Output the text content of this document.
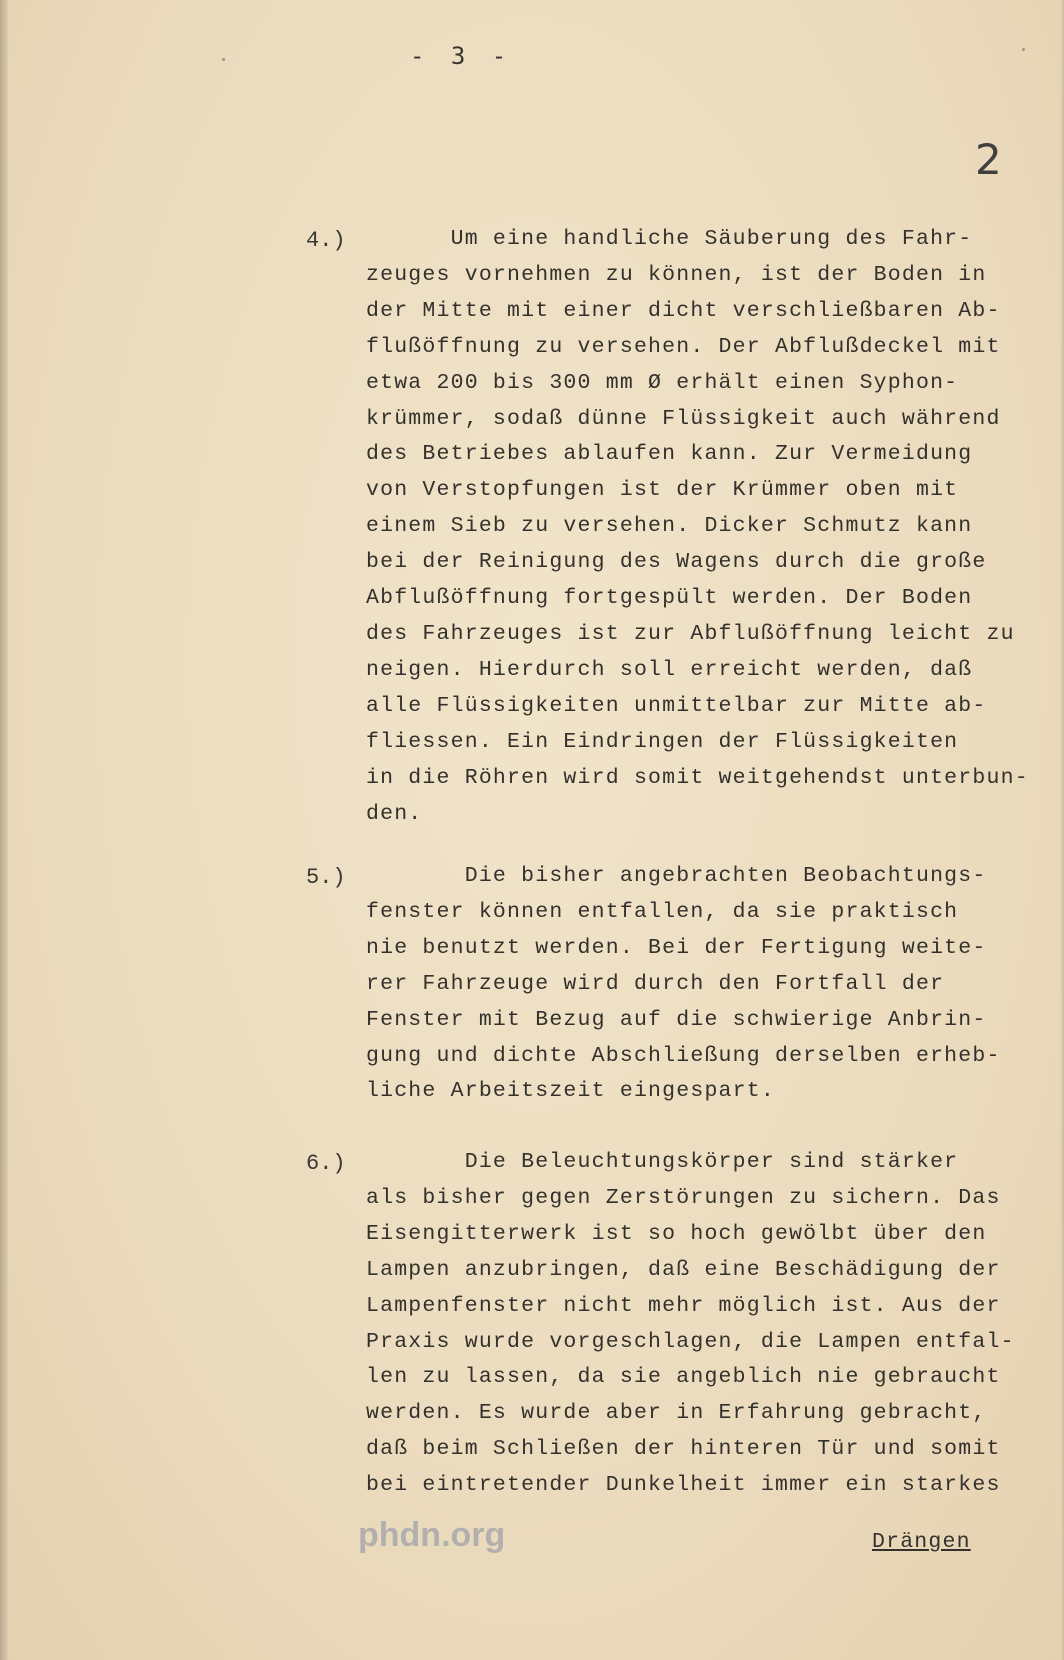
- 3 -
2
4.) Um eine handliche Säuberung des Fahr-
zeuges vornehmen zu können, ist der Boden in
der Mitte mit einer dicht verschließbaren Ab-
flußöffnung zu versehen. Der Abflußdeckel mit
etwa 200 bis 300 mm Ø erhält einen Syphon-
krümmer, sodaß dünne Flüssigkeit auch während
des Betriebes ablaufen kann. Zur Vermeidung
von Verstopfungen ist der Krümmer oben mit
einem Sieb zu versehen. Dicker Schmutz kann
bei der Reinigung des Wagens durch die große
Abflußöffnung fortgespült werden. Der Boden
des Fahrzeuges ist zur Abflußöffnung leicht zu
neigen. Hierdurch soll erreicht werden, daß
alle Flüssigkeiten unmittelbar zur Mitte ab-
fliessen. Ein Eindringen der Flüssigkeiten
in die Röhren wird somit weitgehendst unterbun-
den.
5.) Die bisher angebrachten Beobachtungs-
fenster können entfallen, da sie praktisch
nie benutzt werden. Bei der Fertigung weite-
rer Fahrzeuge wird durch den Fortfall der
Fenster mit Bezug auf die schwierige Anbrin-
gung und dichte Abschließung derselben erheb-
liche Arbeitszeit eingespart.
6.) Die Beleuchtungskörper sind stärker
als bisher gegen Zerstörungen zu sichern. Das
Eisengitterwerk ist so hoch gewölbt über den
Lampen anzubringen, daß eine Beschädigung der
Lampenfenster nicht mehr möglich ist. Aus der
Praxis wurde vorgeschlagen, die Lampen entfal-
len zu lassen, da sie angeblich nie gebraucht
werden. Es wurde aber in Erfahrung gebracht,
daß beim Schließen der hinteren Tür und somit
bei eintretender Dunkelheit immer ein starkes
phdn.org	Drängen
